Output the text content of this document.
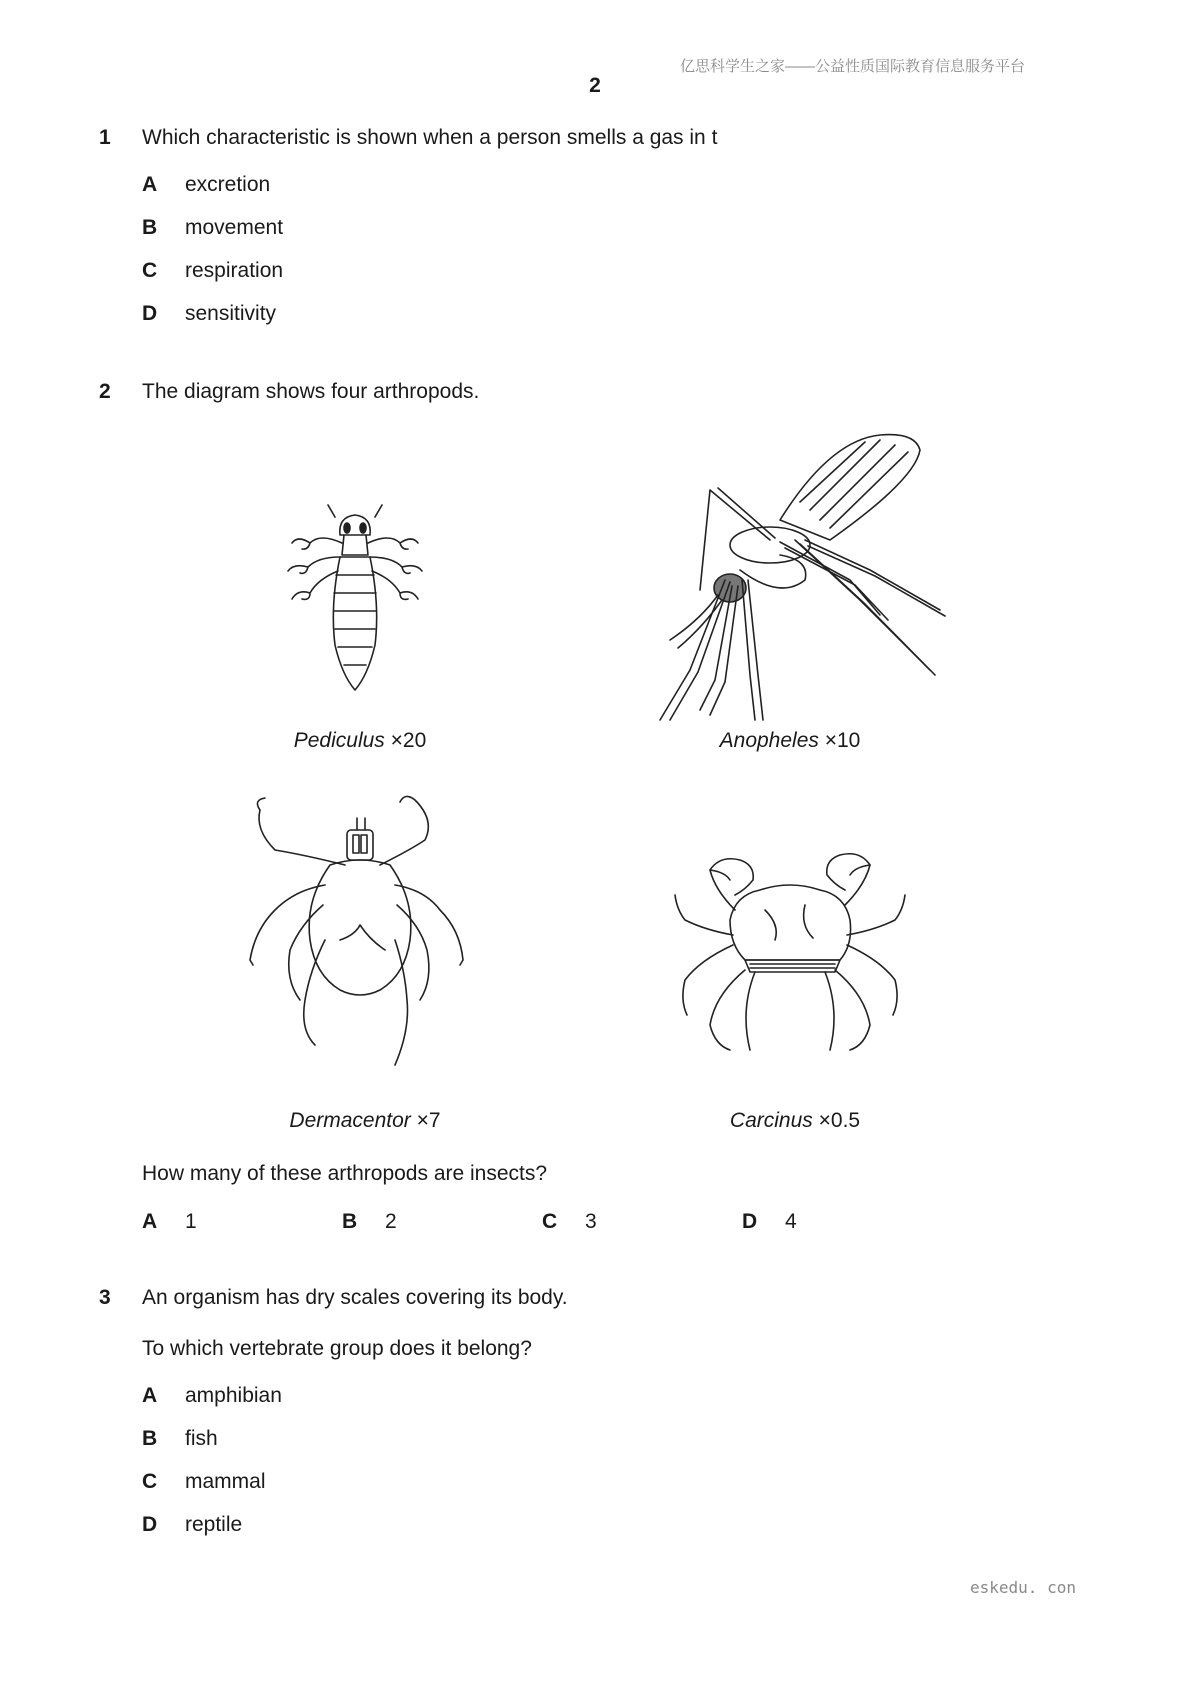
亿思科学生之家——公益性质国际教育信息服务平台
2
1 Which characteristic is shown when a person smells a gas in t
A excretion
B movement
C respiration
D sensitivity
2 The diagram shows four arthropods.
Pediculus ×20	Anopheles ×10
Dermacentor ×7	Carcinus ×0.5
How many of these arthropods are insects?
A 1	B 2	C 3	D 4
3 An organism has dry scales covering its body.
To which vertebrate group does it belong?
A amphibian
B fish
C mammal
D reptile
eskedu. con
